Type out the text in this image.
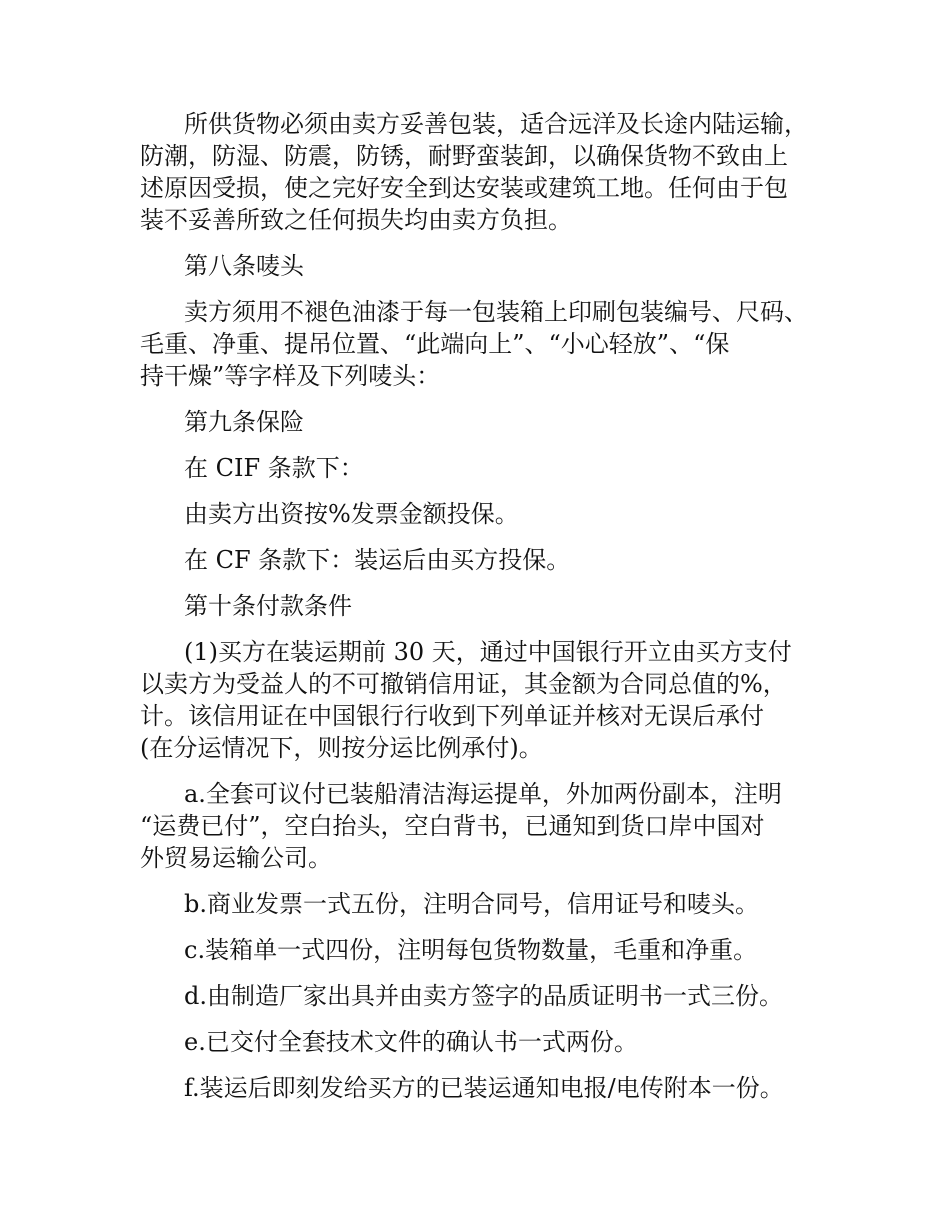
所供货物必须由卖方妥善包装，适合远洋及长途内陆运输，
防潮，防湿、防震，防锈，耐野蛮装卸，以确保货物不致由上
述原因受损，使之完好安全到达安装或建筑工地。任何由于包
装不妥善所致之任何损失均由卖方负担。

第八条唛头

卖方须用不褪色油漆于每一包装箱上印刷包装编号、尺码、
毛重、净重、提吊位置、“此端向上”、“小心轻放”、“保
持干燥”等字样及下列唛头：

第九条保险

在 CIF 条款下：

由卖方出资按%发票金额投保。

在 CF 条款下：装运后由买方投保。

第十条付款条件

(1)买方在装运期前 30 天，通过中国银行开立由买方支付
以卖方为受益人的不可撤销信用证，其金额为合同总值的%，
计。该信用证在中国银行行收到下列单证并核对无误后承付
(在分运情况下，则按分运比例承付)。

a.全套可议付已装船清洁海运提单，外加两份副本，注明
“运费已付”，空白抬头，空白背书，已通知到货口岸中国对
外贸易运输公司。

b.商业发票一式五份，注明合同号，信用证号和唛头。

c.装箱单一式四份，注明每包货物数量，毛重和净重。

d.由制造厂家出具并由卖方签字的品质证明书一式三份。

e.已交付全套技术文件的确认书一式两份。

f.装运后即刻发给买方的已装运通知电报/电传附本一份。
